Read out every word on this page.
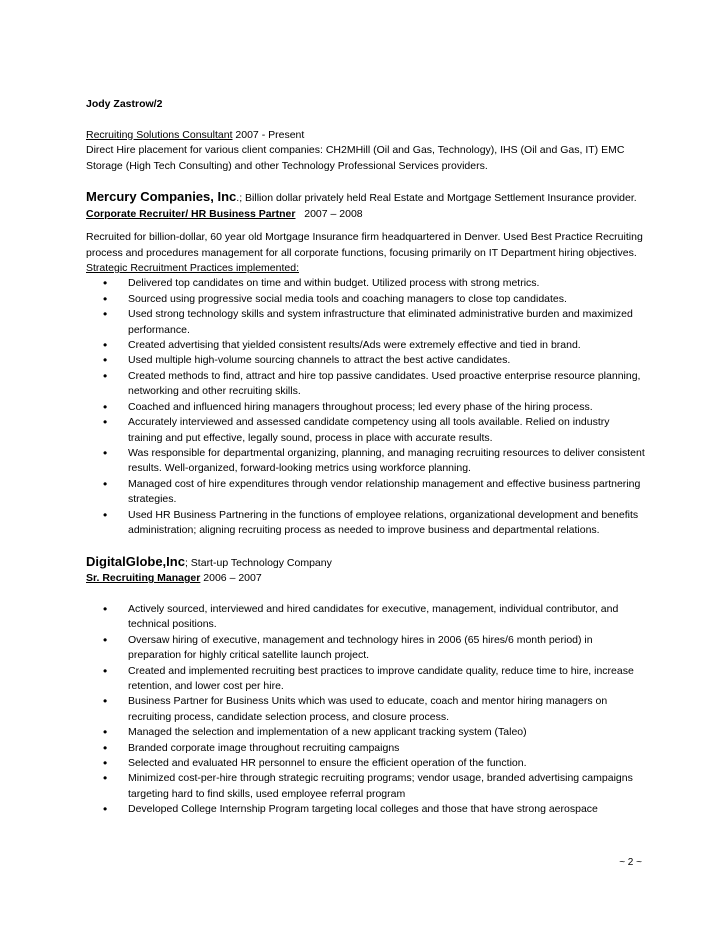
Jody Zastrow/2

Recruiting Solutions Consultant 2007 - Present

Direct Hire placement for various client companies: CH2MHill (Oil and Gas, Technology), IHS (Oil and Gas, IT) EMC Storage (High Tech Consulting) and other Technology Professional Services providers.

Mercury Companies, Inc.; Billion dollar privately held Real Estate and Mortgage Settlement Insurance provider.

Corporate Recruiter/ HR Business Partner   2007 – 2008

Recruited for billion-dollar, 60 year old Mortgage Insurance firm headquartered in Denver. Used Best Practice Recruiting process and procedures management for all corporate functions, focusing primarily on IT Department hiring objectives.

Strategic Recruitment Practices implemented:

• Delivered top candidates on time and within budget. Utilized process with strong metrics.
• Sourced using progressive social media tools and coaching managers to close top candidates.
• Used strong technology skills and system infrastructure that eliminated administrative burden and maximized performance.
• Created advertising that yielded consistent results/Ads were extremely effective and tied in brand.
• Used multiple high-volume sourcing channels to attract the best active candidates.
• Created methods to find, attract and hire top passive candidates. Used proactive enterprise resource planning, networking and other recruiting skills.
• Coached and influenced hiring managers throughout process; led every phase of the hiring process.
• Accurately interviewed and assessed candidate competency using all tools available. Relied on industry training and put effective, legally sound, process in place with accurate results.
• Was responsible for departmental organizing, planning, and managing recruiting resources to deliver consistent results. Well-organized, forward-looking metrics using workforce planning.
• Managed cost of hire expenditures through vendor relationship management and effective business partnering strategies.
• Used HR Business Partnering in the functions of employee relations, organizational development and benefits administration; aligning recruiting process as needed to improve business and departmental relations.

DigitalGlobe,Inc; Start-up Technology Company

Sr. Recruiting Manager 2006 – 2007

• Actively sourced, interviewed and hired candidates for executive, management, individual contributor, and technical positions.
• Oversaw hiring of executive, management and technology hires in 2006 (65 hires/6 month period) in preparation for highly critical satellite launch project.
• Created and implemented recruiting best practices to improve candidate quality, reduce time to hire, increase retention, and lower cost per hire.
• Business Partner for Business Units which was used to educate, coach and mentor hiring managers on recruiting process, candidate selection process, and closure process.
• Managed the selection and implementation of a new applicant tracking system (Taleo)
• Branded corporate image throughout recruiting campaigns
• Selected and evaluated HR personnel to ensure the efficient operation of the function.
• Minimized cost-per-hire through strategic recruiting programs; vendor usage, branded advertising campaigns targeting hard to find skills, used employee referral program
• Developed College Internship Program targeting local colleges and those that have strong aerospace
~ 2 ~
